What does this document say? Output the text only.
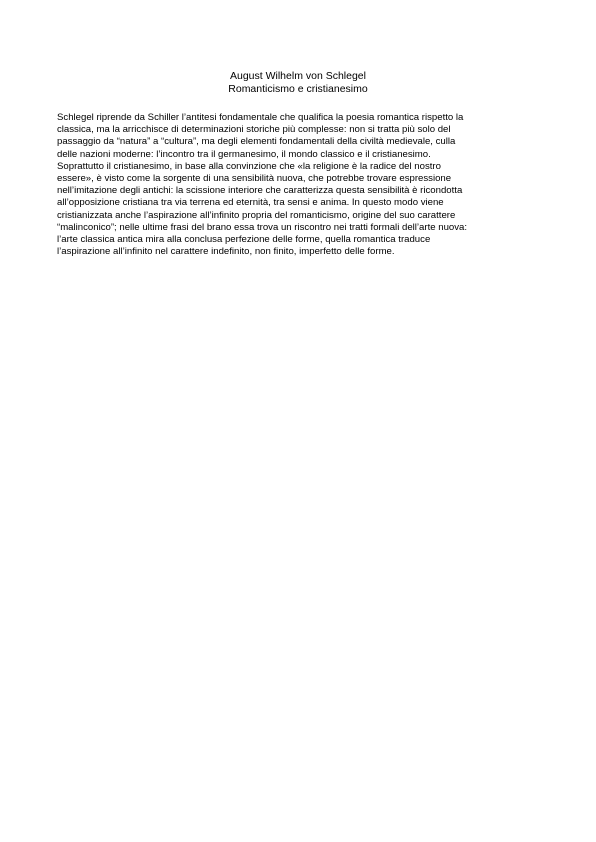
August Wilhelm von Schlegel
Romanticismo e cristianesimo
Schlegel riprende da Schiller l’antitesi fondamentale che qualifica la poesia romantica rispetto la
classica, ma la arricchisce di determinazioni storiche più complesse: non si tratta più solo del
passaggio da “natura” a “cultura”, ma degli elementi fondamentali della civiltà medievale, culla
delle nazioni moderne: l’incontro tra il germanesimo, il mondo classico e il cristianesimo.
Soprattutto il cristianesimo, in base alla convinzione che «la religione è la radice del nostro
essere», è visto come la sorgente di una sensibilità nuova, che potrebbe trovare espressione
nell’imitazione degli antichi: la scissione interiore che caratterizza questa sensibilità è ricondotta
all’opposizione cristiana tra via terrena ed eternità, tra sensi e anima. In questo modo viene
cristianizzata anche l’aspirazione all’infinito propria del romanticismo, origine del suo carattere
“malinconico”; nelle ultime frasi del brano essa trova un riscontro nei tratti formali dell’arte nuova:
l’arte classica antica mira alla conclusa perfezione delle forme, quella romantica traduce
l’aspirazione all’infinito nel carattere indefinito, non finito, imperfetto delle forme.
